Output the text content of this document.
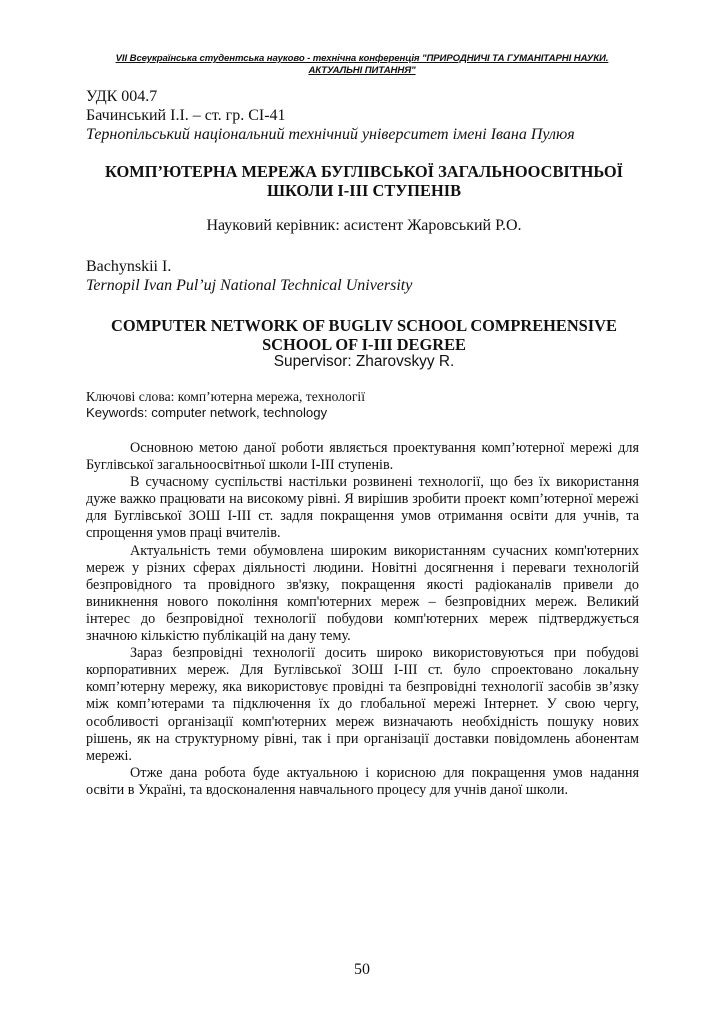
VII Всеукраїнська студентська науково - технічна конференція "ПРИРОДНИЧІ ТА ГУМАНІТАРНІ НАУКИ.
АКТУАЛЬНІ ПИТАННЯ"
УДК 004.7
Бачинський І.І. – ст. гр. СІ-41
Тернопільський національний технічний університет імені Івана Пулюя
КОМП’ЮТЕРНА МЕРЕЖА БУГЛІВСЬКОЇ ЗАГАЛЬНООСВІТНЬОЇ
ШКОЛИ І-ІІІ СТУПЕНІВ
Науковий керівник: асистент Жаровський Р.О.
Bachynskii I.
Ternopil Ivan Pul’uj National Technical University
COMPUTER NETWORK OF BUGLIV SCHOOL COMPREHENSIVE
SCHOOL OF I-III DEGREE
Supervisor: Zharovskyy R.
Ключові слова: комп’ютерна мережа, технології
Keywords: computer network, technology

Основною метою даної роботи являється проектування комп’ютерної мережі для Буглівської загальноосвітньої школи І-ІІІ ступенів.

В сучасному суспільстві настільки розвинені технології, що без їх використання дуже важко працювати на високому рівні. Я вирішив зробити проект комп’ютерної мережі для Буглівської ЗОШ І-ІІІ ст. задля покращення умов отримання освіти для учнів, та спрощення умов праці вчителів.

Актуальність теми обумовлена широким використанням сучасних комп'ютерних мереж у різних сферах діяльності людини. Новітні досягнення і переваги технологій безпровідного та провідного зв'язку, покращення якості радіоканалів привели до виникнення нового покоління комп'ютерних мереж – безпровідних мереж. Великий інтерес до безпровідної технології побудови комп'ютерних мереж підтверджується значною кількістю публікацій на дану тему.

Зараз безпровідні технології досить широко використовуються при побудові корпоративних мереж. Для Буглівської ЗОШ І-ІІІ ст. було спроектовано локальну комп’ютерну мережу, яка використовує провідні та безпровідні технології засобів зв’язку між комп’ютерами та підключення їх до глобальної мережі Інтернет. У свою чергу, особливості організації комп'ютерних мереж визначають необхідність пошуку нових рішень, як на структурному рівні, так і при організації доставки повідомлень абонентам мережі.

Отже дана робота буде актуальною і корисною для покращення умов надання освіти в Україні, та вдосконалення навчального процесу для учнів даної школи.

50
